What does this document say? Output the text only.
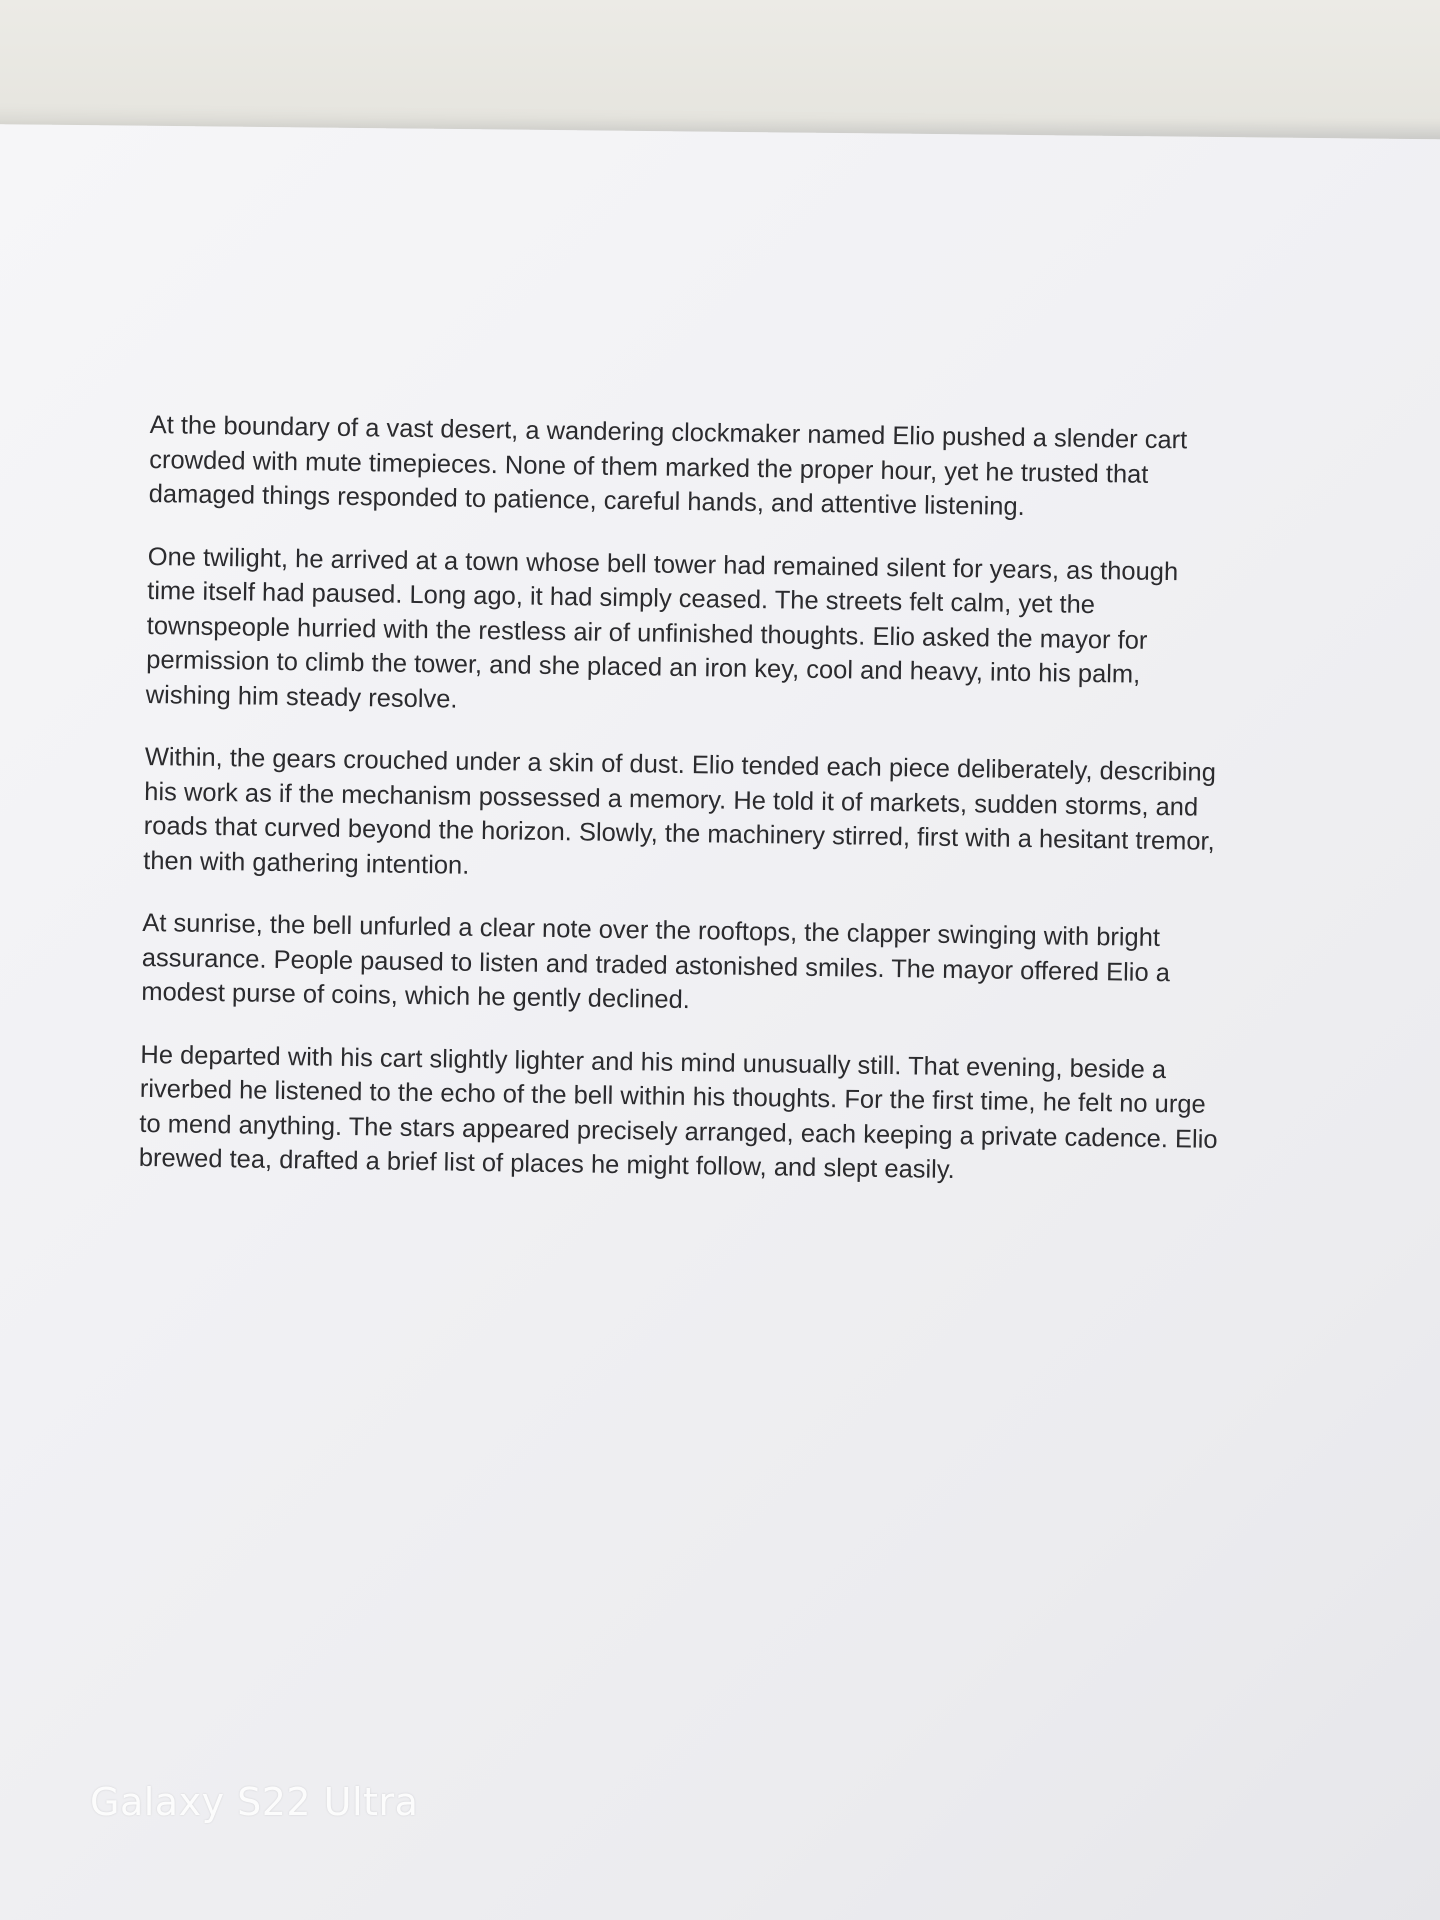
At the boundary of a vast desert, a wandering clockmaker named Elio pushed a slender cart
crowded with mute timepieces. None of them marked the proper hour, yet he trusted that
damaged things responded to patience, careful hands, and attentive listening.

One twilight, he arrived at a town whose bell tower had remained silent for years, as though
time itself had paused. Long ago, it had simply ceased. The streets felt calm, yet the
townspeople hurried with the restless air of unfinished thoughts. Elio asked the mayor for
permission to climb the tower, and she placed an iron key, cool and heavy, into his palm,
wishing him steady resolve.

Within, the gears crouched under a skin of dust. Elio tended each piece deliberately, describing
his work as if the mechanism possessed a memory. He told it of markets, sudden storms, and
roads that curved beyond the horizon. Slowly, the machinery stirred, first with a hesitant tremor,
then with gathering intention.

At sunrise, the bell unfurled a clear note over the rooftops, the clapper swinging with bright
assurance. People paused to listen and traded astonished smiles. The mayor offered Elio a
modest purse of coins, which he gently declined.

He departed with his cart slightly lighter and his mind unusually still. That evening, beside a
riverbed he listened to the echo of the bell within his thoughts. For the first time, he felt no urge
to mend anything. The stars appeared precisely arranged, each keeping a private cadence. Elio
brewed tea, drafted a brief list of places he might follow, and slept easily.

Galaxy S22 Ultra
